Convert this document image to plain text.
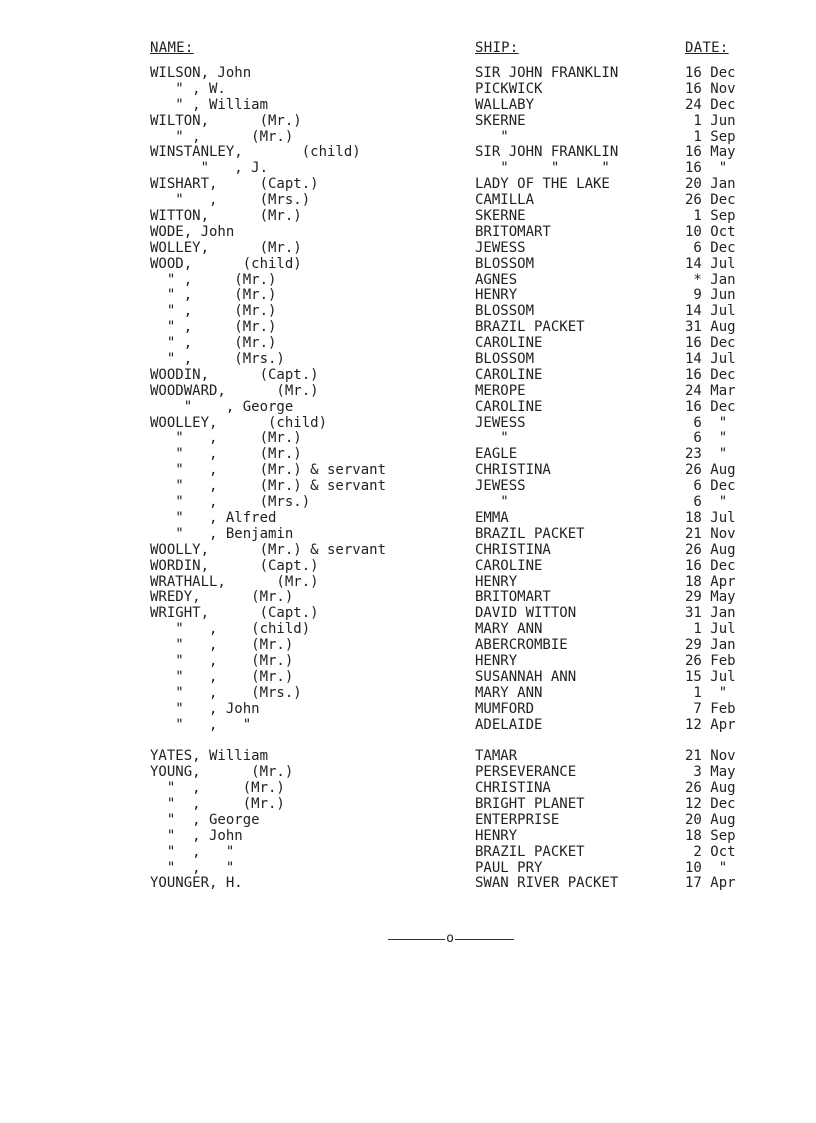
NAME:	SHIP:	DATE:
WILSON, John	SIR JOHN FRANKLIN	16 Dec
" , W.	PICKWICK	16 Nov
" , William	WALLABY	24 Dec
WILTON,      (Mr.)	SKERNE	1 Jun
" ,      (Mr.)	"	1 Sep
WINSTANLEY,       (child)	SIR JOHN FRANKLIN	16 May
"   , J.	"     "     "	16  "
WISHART,     (Capt.)	LADY OF THE LAKE	20 Jan
"   ,     (Mrs.)	CAMILLA	26 Dec
WITTON,      (Mr.)	SKERNE	1 Sep
WODE, John	BRITOMART	10 Oct
WOLLEY,      (Mr.)	JEWESS	6 Dec
WOOD,      (child)	BLOSSOM	14 Jul
" ,     (Mr.)	AGNES	* Jan
" ,     (Mr.)	HENRY	9 Jun
" ,     (Mr.)	BLOSSOM	14 Jul
" ,     (Mr.)	BRAZIL PACKET	31 Aug
" ,     (Mr.)	CAROLINE	16 Dec
" ,     (Mrs.)	BLOSSOM	14 Jul
WOODIN,      (Capt.)	CAROLINE	16 Dec
WOODWARD,      (Mr.)	MEROPE	24 Mar
"    , George	CAROLINE	16 Dec
WOOLLEY,      (child)	JEWESS	6  "
"   ,     (Mr.)	"	6  "
"   ,     (Mr.)	EAGLE	23  "
"   ,     (Mr.) & servant	CHRISTINA	26 Aug
"   ,     (Mr.) & servant	JEWESS	6 Dec
"   ,     (Mrs.)	"	6  "
"   , Alfred	EMMA	18 Jul
"   , Benjamin	BRAZIL PACKET	21 Nov
WOOLLY,      (Mr.) & servant	CHRISTINA	26 Aug
WORDIN,      (Capt.)	CAROLINE	16 Dec
WRATHALL,      (Mr.)	HENRY	18 Apr
WREDY,      (Mr.)	BRITOMART	29 May
WRIGHT,      (Capt.)	DAVID WITTON	31 Jan
"   ,    (child)	MARY ANN	1 Jul
"   ,    (Mr.)	ABERCROMBIE	29 Jan
"   ,    (Mr.)	HENRY	26 Feb
"   ,    (Mr.)	SUSANNAH ANN	15 Jul
"   ,    (Mrs.)	MARY ANN	1  "
"   , John	MUMFORD	7 Feb
"   ,   "	ADELAIDE	12 Apr
YATES, William	TAMAR	21 Nov
YOUNG,      (Mr.)	PERSEVERANCE	3 May
"  ,     (Mr.)	CHRISTINA	26 Aug
"  ,     (Mr.)	BRIGHT PLANET	12 Dec
"  , George	ENTERPRISE	20 Aug
"  , John	HENRY	18 Sep
"  ,   "	BRAZIL PACKET	2 Oct
"  ,   "	PAUL PRY	10  "
YOUNGER, H.	SWAN RIVER PACKET	17 Apr
o
